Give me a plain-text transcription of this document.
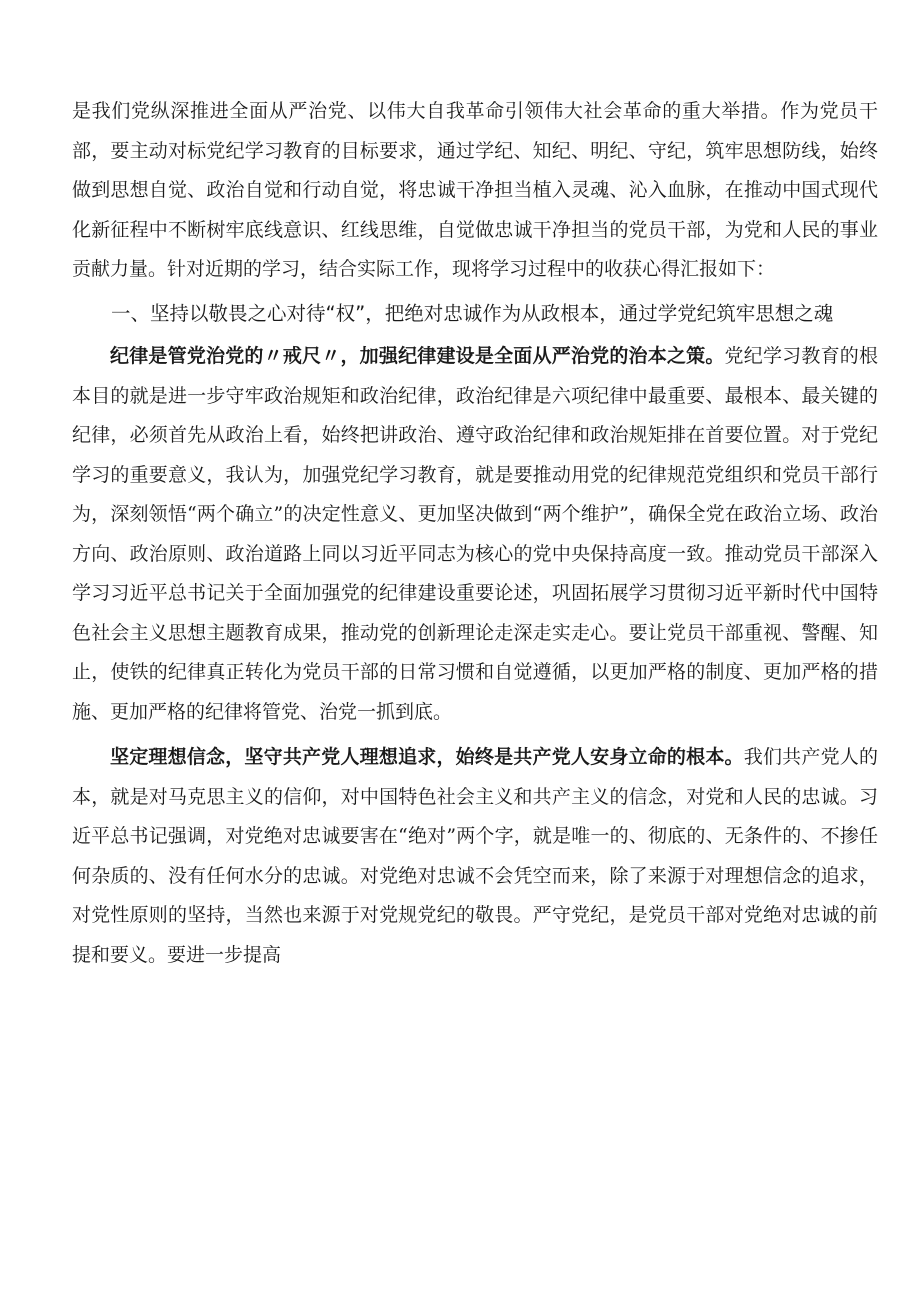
是我们党纵深推进全面从严治党、以伟大自我革命引领伟大社会革命的重大举措。作为党员干部，要主动对标党纪学习教育的目标要求，通过学纪、知纪、明纪、守纪，筑牢思想防线，始终做到思想自觉、政治自觉和行动自觉，将忠诚干净担当植入灵魂、沁入血脉，在推动中国式现代化新征程中不断树牢底线意识、红线思维，自觉做忠诚干净担当的党员干部，为党和人民的事业贡献力量。针对近期的学习，结合实际工作，现将学习过程中的收获心得汇报如下：

一、坚持以敬畏之心对待“权”，把绝对忠诚作为从政根本，通过学党纪筑牢思想之魂

纪律是管党治党的〃戒尺〃，加强纪律建设是全面从严治党的治本之策。党纪学习教育的根本目的就是进一步守牢政治规矩和政治纪律，政治纪律是六项纪律中最重要、最根本、最关键的纪律，必须首先从政治上看，始终把讲政治、遵守政治纪律和政治规矩排在首要位置。对于党纪学习的重要意义，我认为，加强党纪学习教育，就是要推动用党的纪律规范党组织和党员干部行为，深刻领悟“两个确立”的决定性意义、更加坚决做到“两个维护”，确保全党在政治立场、政治方向、政治原则、政治道路上同以习近平同志为核心的党中央保持高度一致。推动党员干部深入学习习近平总书记关于全面加强党的纪律建设重要论述，巩固拓展学习贯彻习近平新时代中国特色社会主义思想主题教育成果，推动党的创新理论走深走实走心。要让党员干部重视、警醒、知止，使铁的纪律真正转化为党员干部的日常习惯和自觉遵循，以更加严格的制度、更加严格的措施、更加严格的纪律将管党、治党一抓到底。

坚定理想信念，坚守共产党人理想追求，始终是共产党人安身立命的根本。我们共产党人的本，就是对马克思主义的信仰，对中国特色社会主义和共产主义的信念，对党和人民的忠诚。习近平总书记强调，对党绝对忠诚要害在“绝对”两个字，就是唯一的、彻底的、无条件的、不掺任何杂质的、没有任何水分的忠诚。对党绝对忠诚不会凭空而来，除了来源于对理想信念的追求，对党性原则的坚持，当然也来源于对党规党纪的敬畏。严守党纪，是党员干部对党绝对忠诚的前提和要义。要进一步提高
